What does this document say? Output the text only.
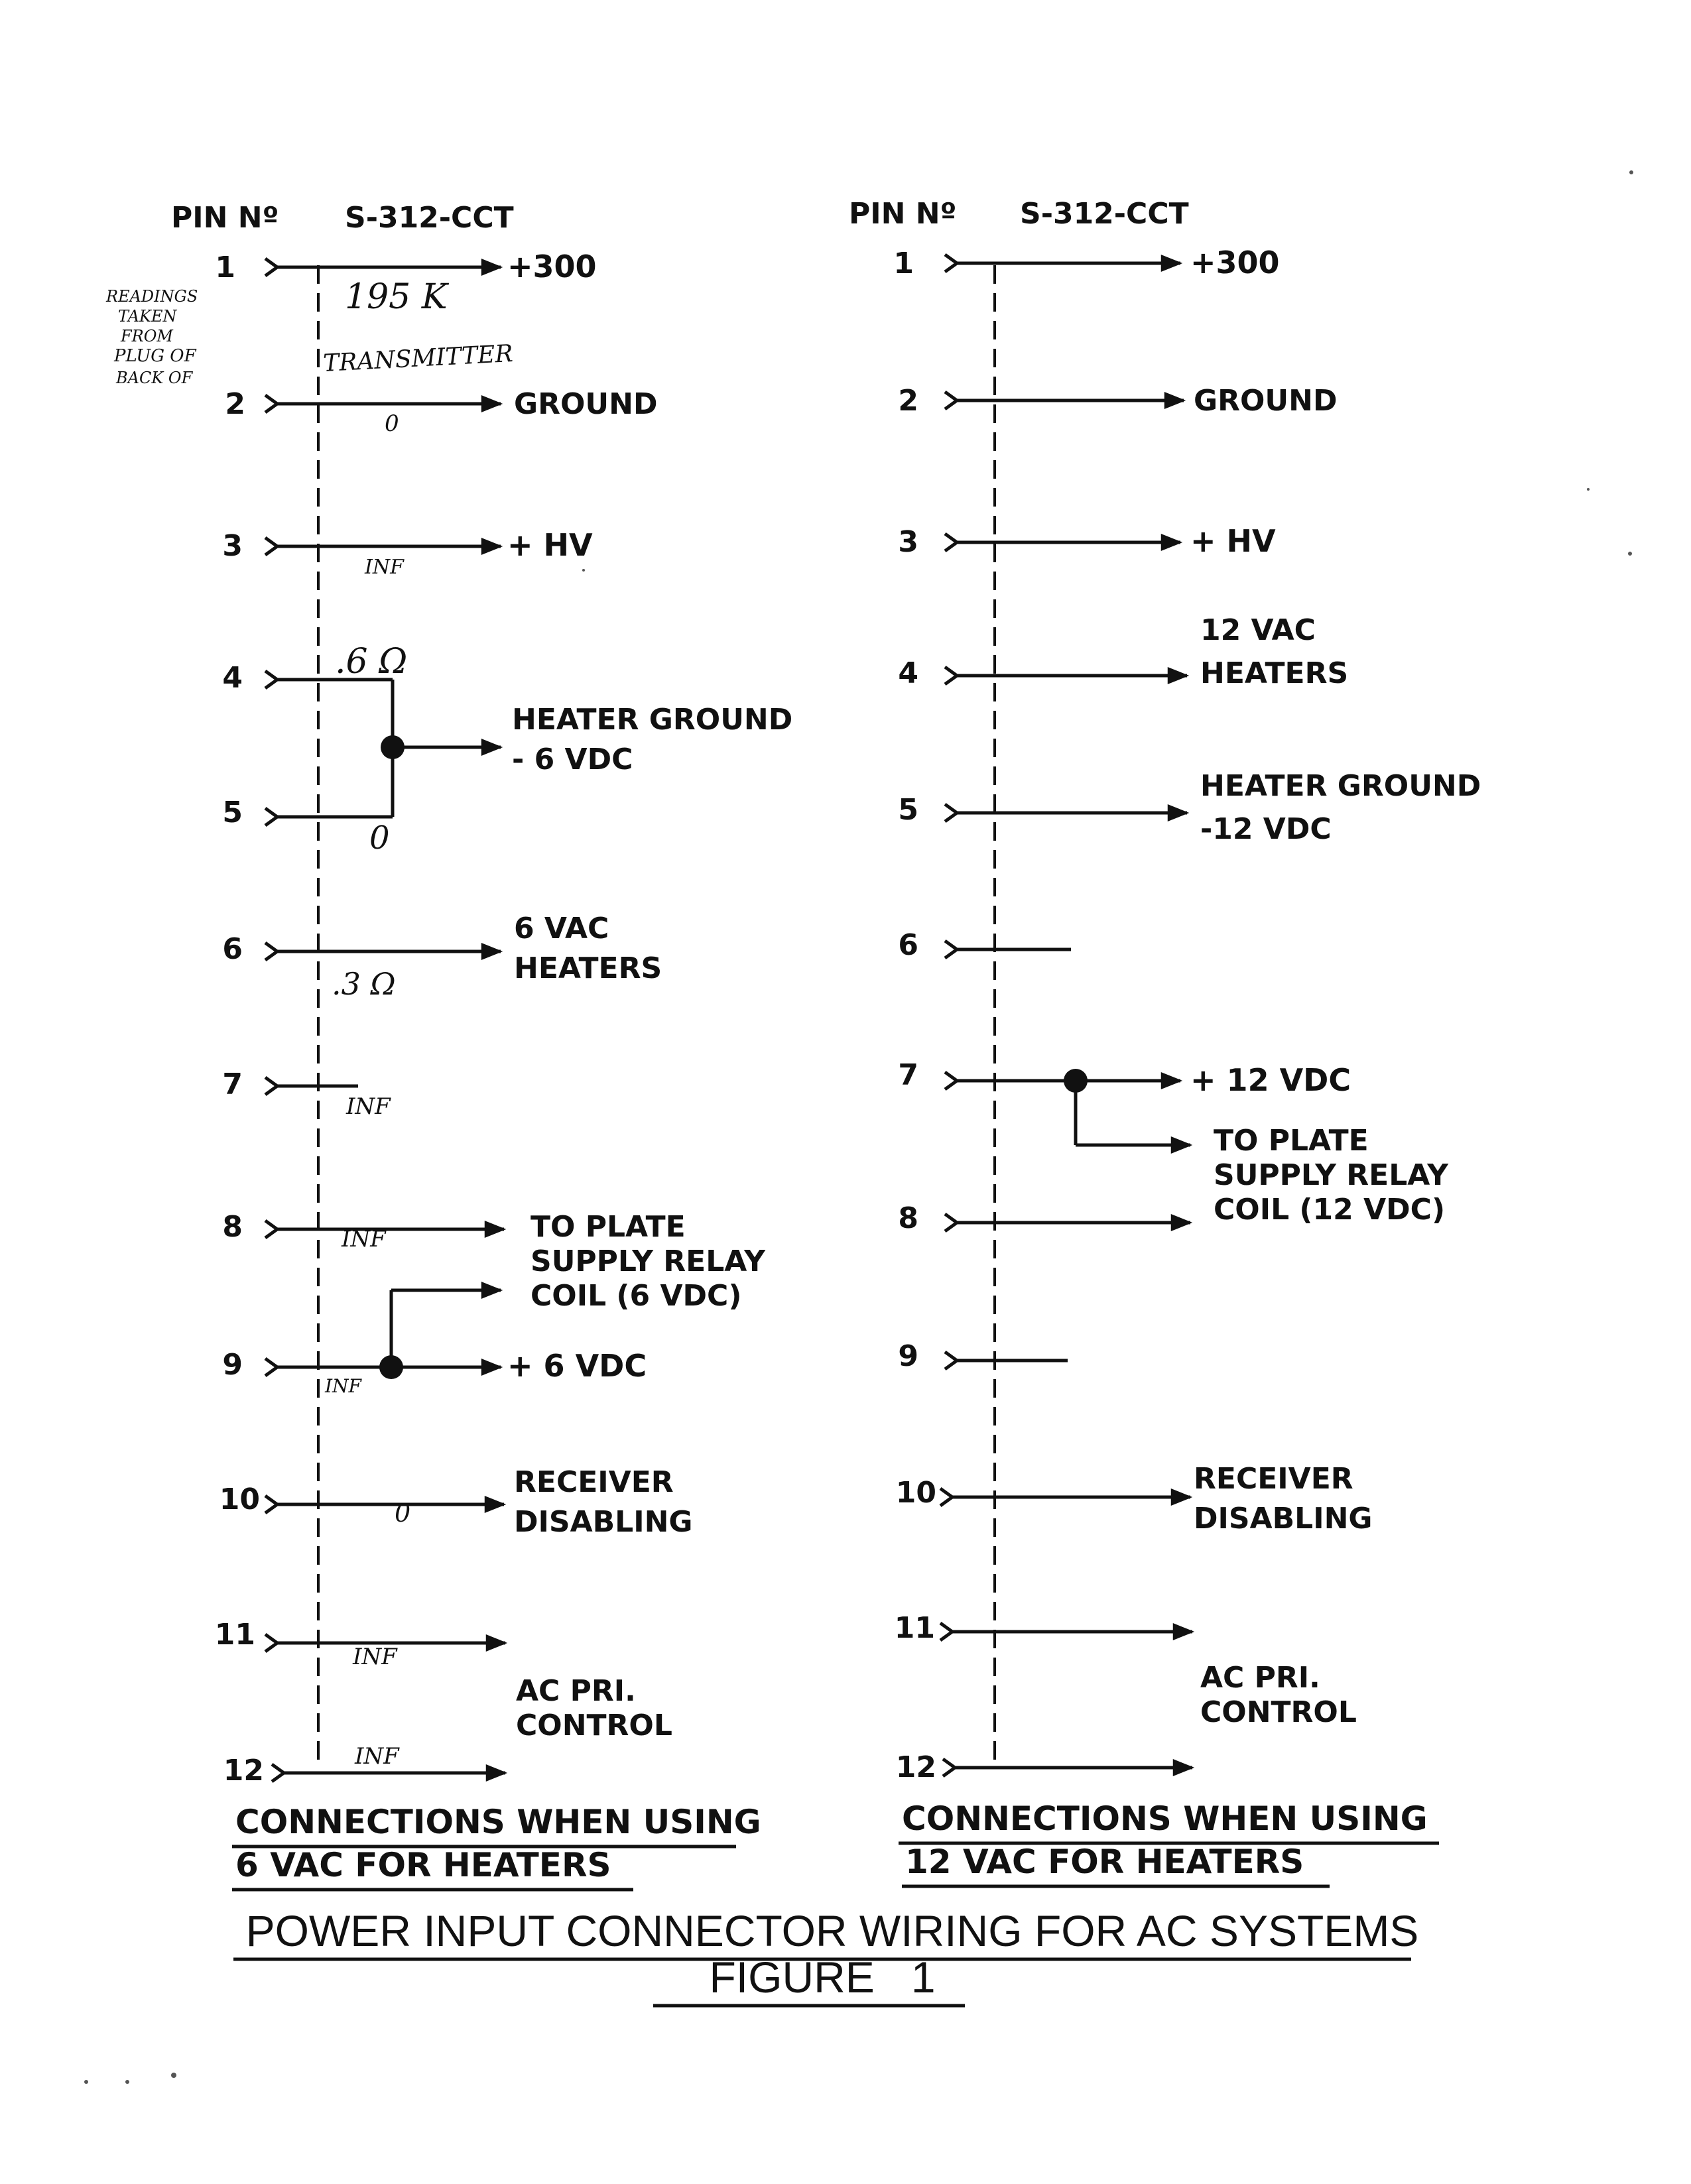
PIN Nº S-312-CCT
1
2
3
4
5
6
7
8
9
10
11
12
+300
GROUND
+ HV
HEATER GROUND
- 6 VDC
6 VAC
HEATERS
TO PLATE
SUPPLY RELAY
COIL (6 VDC)
+ 6 VDC
RECEIVER
DISABLING
AC PRI.
CONTROL
195 K
TRANSMITTER
0
INF
.6 Ω
0
.3 Ω
INF
INF
INF
0
INF
INF
READINGS
TAKEN
FROM
PLUG OF
BACK OF
CONNECTIONS WHEN USING
6 VAC FOR HEATERS
PIN Nº S-312-CCT
1
2
3
4
5
6
7
8
9
10
11
12
+300
GROUND
+ HV
12 VAC
HEATERS
HEATER GROUND
-12 VDC
+ 12 VDC
TO PLATE
SUPPLY RELAY
COIL (12 VDC)
RECEIVER
DISABLING
AC PRI.
CONTROL
CONNECTIONS WHEN USING
12 VAC FOR HEATERS
POWER INPUT CONNECTOR WIRING FOR AC SYSTEMS
FIGURE   1
